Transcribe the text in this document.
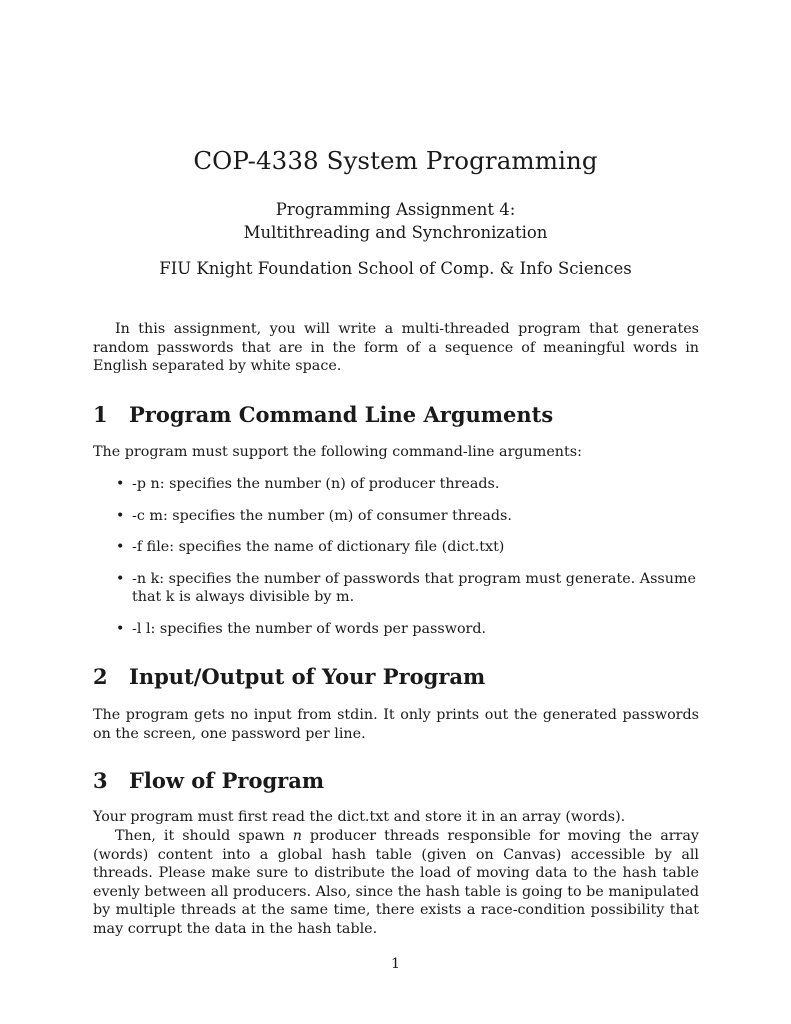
COP-4338 System Programming

Programming Assignment 4:

Multithreading and Synchronization

FIU Knight Foundation School of Comp. & Info Sciences

In this assignment, you will write a multi-threaded program that generates random passwords that are in the form of a sequence of meaningful words in English separated by white space.

1 Program Command Line Arguments

The program must support the following command-line arguments:

• -p n: specifies the number (n) of producer threads.
• -c m: specifies the number (m) of consumer threads.
• -f file: specifies the name of dictionary file (dict.txt)
• -n k: specifies the number of passwords that program must generate. Assume that k is always divisible by m.
• -l l: specifies the number of words per password.
2 Input/Output of Your Program

The program gets no input from stdin. It only prints out the generated passwords on the screen, one password per line.

3 Flow of Program

Your program must first read the dict.txt and store it in an array (words).

Then, it should spawn n producer threads responsible for moving the array (words) content into a global hash table (given on Canvas) accessible by all threads. Please make sure to distribute the load of moving data to the hash table evenly between all producers. Also, since the hash table is going to be manipulated by multiple threads at the same time, there exists a race-condition possibility that may corrupt the data in the hash table.

1
